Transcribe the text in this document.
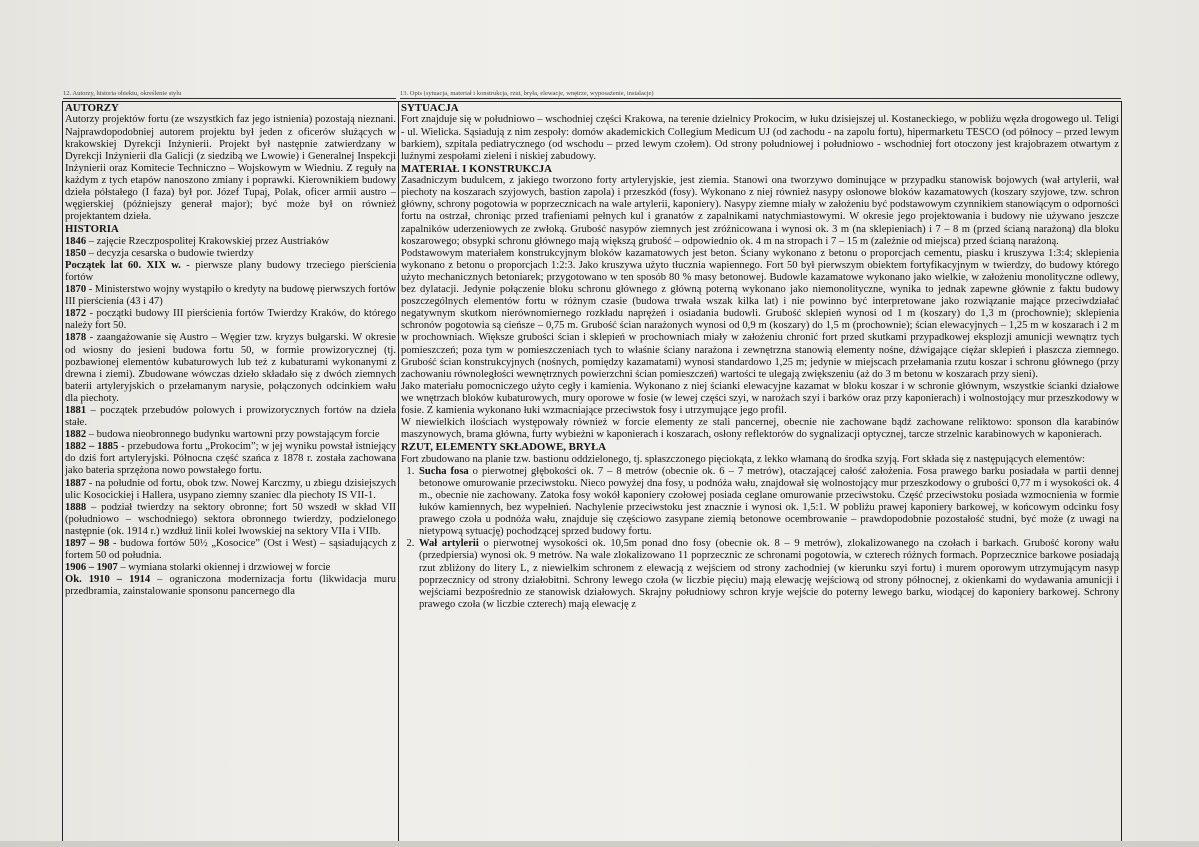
12. Autorzy, historia obiektu, określenie stylu	13. Opis (sytuacja, materiał i konstrukcja, rzut, bryła, elewacje, wnętrze, wyposażenie, instalacje)
AUTORZY

Autorzy projektów fortu (ze wszystkich faz jego istnienia) pozostają nieznani. Najprawdopodobniej autorem projektu był jeden z oficerów służących w krakowskiej Dyrekcji Inżynierii. Projekt był następnie zatwierdzany w Dyrekcji Inżynierii dla Galicji (z siedzibą we Lwowie) i Generalnej Inspekcji Inżynierii oraz Komitecie Techniczno – Wojskowym w Wiedniu. Z reguły na każdym z tych etapów nanoszono zmiany i poprawki. Kierownikiem budowy dzieła półstałego (I faza) był por. Józef Tupaj, Polak, oficer armii austro – węgierskiej (późniejszy generał major); być może był on również projektantem dzieła.

HISTORIA

1846 – zajęcie Rzeczpospolitej Krakowskiej przez Austriaków

1850 – decyzja cesarska o budowie twierdzy

Początek lat 60. XIX w. - pierwsze plany budowy trzeciego pierścienia fortów

1870 - Ministerstwo wojny wystąpiło o kredyty na budowę pierwszych fortów III pierścienia (43 i 47)

1872 - początki budowy III pierścienia fortów Twierdzy Kraków, do którego należy fort 50.

1878 - zaangażowanie się Austro – Węgier tzw. kryzys bułgarski. W okresie od wiosny do jesieni budowa fortu 50, w formie prowizorycznej (tj. pozbawionej elementów kubaturowych lub też z kubaturami wykonanymi z drewna i ziemi). Zbudowane wówczas dzieło składało się z dwóch ziemnych baterii artyleryjskich o przełamanym narysie, połączonych odcinkiem wału dla piechoty.

1881 – początek przebudów polowych i prowizorycznych fortów na dzieła stałe.

1882 – budowa nieobronnego budynku wartowni przy powstającym forcie

1882 – 1885 - przebudowa fortu „Prokocim”; w jej wyniku powstał istniejący do dziś fort artyleryjski. Północna część szańca z 1878 r. została zachowana jako bateria sprzężona nowo powstałego fortu.

1887 - na południe od fortu, obok tzw. Nowej Karczmy, u zbiegu dzisiejszych ulic Kosocickiej i Hallera, usypano ziemny szaniec dla piechoty IS VII-1.

1888 – podział twierdzy na sektory obronne; fort 50 wszedł w skład VII (południowo – wschodniego) sektora obronnego twierdzy, podzielonego następnie (ok. 1914 r.) wzdłuż linii kolei lwowskiej na sektory VIIa i VIIb.

1897 – 98 - budowa fortów 50½ „Kosocice” (Ost i West) – sąsiadujących z fortem 50 od południa.

1906 – 1907 – wymiana stolarki okiennej i drzwiowej w forcie

Ok. 1910 – 1914 – ograniczona modernizacja fortu (likwidacja muru przedbramia, zainstalowanie sponsonu pancernego dla

SYTUACJA

Fort znajduje się w południowo – wschodniej części Krakowa, na terenie dzielnicy Prokocim, w łuku dzisiejszej ul. Kostaneckiego, w pobliżu węzła drogowego ul. Teligi - ul. Wielicka. Sąsiadują z nim zespoły: domów akademickich Collegium Medicum UJ (od zachodu - na zapolu fortu), hipermarketu TESCO (od północy – przed lewym barkiem), szpitala pediatrycznego (od wschodu – przed lewym czołem). Od strony południowej i południowo - wschodniej fort otoczony jest krajobrazem otwartym z luźnymi zespołami zieleni i niskiej zabudowy.

MATERIAŁ I KONSTRUKCJA

Zasadniczym budulcem, z jakiego tworzono forty artyleryjskie, jest ziemia. Stanowi ona tworzywo dominujące w przypadku stanowisk bojowych (wał artylerii, wał piechoty na koszarach szyjowych, bastion zapola) i przeszkód (fosy). Wykonano z niej również nasypy osłonowe bloków kazamatowych (koszary szyjowe, tzw. schron główny, schrony pogotowia w poprzecznicach na wale artylerii, kaponiery). Nasypy ziemne miały w założeniu być podstawowym czynnikiem stanowiącym o odporności fortu na ostrzał, chroniąc przed trafieniami pełnych kul i granatów z zapalnikami natychmiastowymi. W okresie jego projektowania i budowy nie używano jeszcze zapalników uderzeniowych ze zwłoką. Grubość nasypów ziemnych jest zróżnicowana i wynosi ok. 3 m (na sklepieniach) i 7 – 8 m (przed ścianą narażoną) dla bloku koszarowego; obsypki schronu głównego mają większą grubość – odpowiednio ok. 4 m na stropach i 7 – 15 m (zależnie od miejsca) przed ścianą narażoną.

Podstawowym materiałem konstrukcyjnym bloków kazamatowych jest beton. Ściany wykonano z betonu o proporcjach cementu, piasku i kruszywa 1:3:4; sklepienia wykonano z betonu o proporcjach 1:2:3. Jako kruszywa użyto tłucznia wapiennego. Fort 50 był pierwszym obiektem fortyfikacyjnym w twierdzy, do budowy którego użyto mechanicznych betoniarek; przygotowano w ten sposób 80 % masy betonowej. Budowle kazamatowe wykonano jako wielkie, w założeniu monolityczne odlewy, bez dylatacji. Jedynie połączenie bloku schronu głównego z główną poterną wykonano jako niemonolityczne, wynika to jednak zapewne głównie z faktu budowy poszczególnych elementów fortu w różnym czasie (budowa trwała wszak kilka lat) i nie powinno być interpretowane jako rozwiązanie mające przeciwdziałać negatywnym skutkom nierównomiernego rozkładu naprężeń i osiadania budowli. Grubość sklepień wynosi od 1 m (koszary) do 1,3 m (prochownie); sklepienia schronów pogotowia są cieńsze – 0,75 m. Grubość ścian narażonych wynosi od 0,9 m (koszary) do 1,5 m (prochownie); ścian elewacyjnych – 1,25 m w koszarach i 2 m w prochowniach. Większe grubości ścian i sklepień w prochowniach miały w założeniu chronić fort przed skutkami przypadkowej eksplozji amunicji wewnątrz tych pomieszczeń; poza tym w pomieszczeniach tych to właśnie ściany narażona i zewnętrzna stanowią elementy nośne, dźwigające ciężar sklepień i płaszcza ziemnego. Grubość ścian konstrukcyjnych (nośnych, pomiędzy kazamatami) wynosi standardowo 1,25 m; jedynie w miejscach przełamania rzutu koszar i schronu głównego (przy zachowaniu równoległości wewnętrznych powierzchni ścian pomieszczeń) wartości te ulegają zwiększeniu (aż do 3 m betonu w koszarach przy sieni).

Jako materiału pomocniczego użyto cegły i kamienia. Wykonano z niej ścianki elewacyjne kazamat w bloku koszar i w schronie głównym, wszystkie ścianki działowe we wnętrzach bloków kubaturowych, mury oporowe w fosie (w lewej części szyi, w narożach szyi i barków oraz przy kaponierach) i wolnostojący mur przeszkodowy w fosie. Z kamienia wykonano łuki wzmacniające przeciwstok fosy i utrzymujące jego profil.

W niewielkich ilościach występowały również w forcie elementy ze stali pancernej, obecnie nie zachowane bądź zachowane reliktowo: sponson dla karabinów maszynowych, brama główna, furty wybieżni w kaponierach i koszarach, osłony reflektorów do sygnalizacji optycznej, tarcze strzelnic karabinowych w kaponierach.

RZUT, ELEMENTY SKŁADOWE, BRYŁA

Fort zbudowano na planie tzw. bastionu oddzielonego, tj. spłaszczonego pięciokąta, z lekko włamaną do środka szyją. Fort składa się z następujących elementów:

1. Sucha fosa o pierwotnej głębokości ok. 7 – 8 metrów (obecnie ok. 6 – 7 metrów), otaczającej całość założenia. Fosa prawego barku posiadała w partii dennej betonowe omurowanie przeciwstoku. Nieco powyżej dna fosy, u podnóża wału, znajdował się wolnostojący mur przeszkodowy o grubości 0,77 m i wysokości ok. 4 m., obecnie nie zachowany. Zatoka fosy wokół kaponiery czołowej posiada ceglane omurowanie przeciwstoku. Część przeciwstoku posiada wzmocnienia w formie łuków kamiennych, bez wypełnień. Nachylenie przeciwstoku jest znacznie i wynosi ok. 1,5:1. W pobliżu prawej kaponiery barkowej, w końcowym odcinku fosy prawego czoła u podnóża wału, znajduje się częściowo zasypane ziemią betonowe ocembrowanie – prawdopodobnie pozostałość studni, być może (z uwagi na nietypową sytuację) pochodzącej sprzed budowy fortu.
2. Wał artylerii o pierwotnej wysokości ok. 10,5m ponad dno fosy (obecnie ok. 8 – 9 metrów), zlokalizowanego na czołach i barkach. Grubość korony wału (przedpiersia) wynosi ok. 9 metrów. Na wale zlokalizowano 11 poprzecznic ze schronami pogotowia, w czterech różnych formach. Poprzecznice barkowe posiadają rzut zbliżony do litery L, z niewielkim schronem z elewacją z wejściem od strony zachodniej (w kierunku szyi fortu) i murem oporowym utrzymującym nasyp poprzecznicy od strony działobitni. Schrony lewego czoła (w liczbie pięciu) mają elewację wejściową od strony północnej, z okienkami do wydawania amunicji i wejściami bezpośrednio ze stanowisk działowych. Skrajny południowy schron kryje wejście do poterny lewego barku, wiodącej do kaponiery barkowej. Schrony prawego czoła (w liczbie czterech) mają elewację z
